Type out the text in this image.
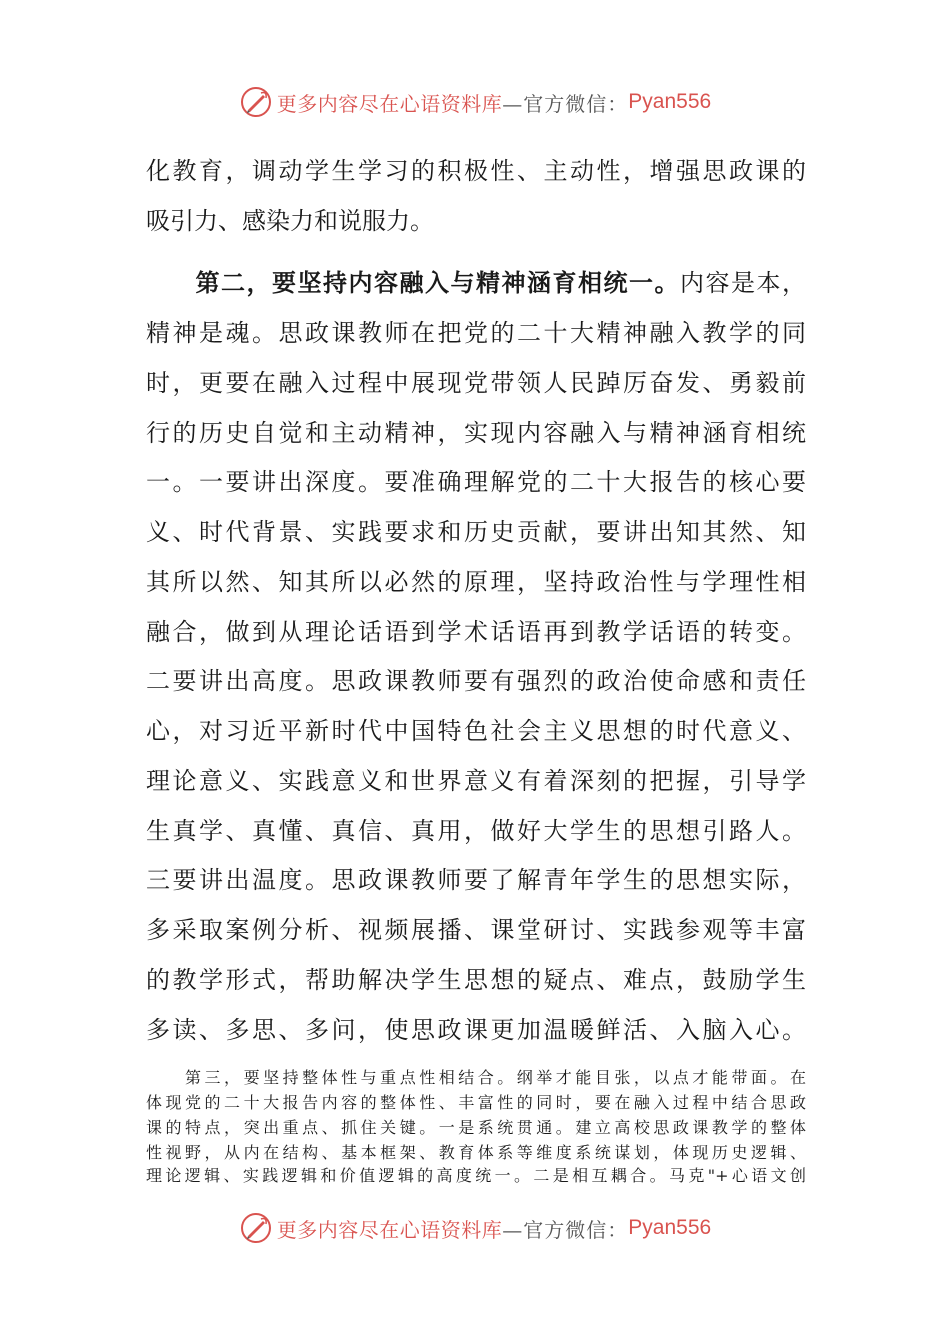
更多内容尽在心语资料库 —官方微信： Pyan556
化教育，调动学生学习的积极性、主动性，增强思政课的
吸引力、感染力和说服力。
第二，要坚持内容融入与精神涵育相统一。内容是本，
精神是魂。思政课教师在把党的二十大精神融入教学的同
时，更要在融入过程中展现党带领人民踔厉奋发、勇毅前
行的历史自觉和主动精神，实现内容融入与精神涵育相统
一。一要讲出深度。要准确理解党的二十大报告的核心要
义、时代背景、实践要求和历史贡献，要讲出知其然、知
其所以然、知其所以必然的原理，坚持政治性与学理性相
融合，做到从理论话语到学术话语再到教学话语的转变。
二要讲出高度。思政课教师要有强烈的政治使命感和责任
心，对习近平新时代中国特色社会主义思想的时代意义、
理论意义、实践意义和世界意义有着深刻的把握，引导学
生真学、真懂、真信、真用，做好大学生的思想引路人。
三要讲出温度。思政课教师要了解青年学生的思想实际，
多采取案例分析、视频展播、课堂研讨、实践参观等丰富
的教学形式，帮助解决学生思想的疑点、难点，鼓励学生
多读、多思、多问，使思政课更加温暖鲜活、入脑入心。
　　第三，要坚持整体性与重点性相结合。纲举才能目张，以点才能带面。在
体现党的二十大报告内容的整体性、丰富性的同时，要在融入过程中结合思政
课的特点，突出重点、抓住关键。一是系统贯通。建立高校思政课教学的整体
性视野，从内在结构、基本框架、教育体系等维度系统谋划，体现历史逻辑、
理论逻辑、实践逻辑和价值逻辑的高度统一。二是相互耦合。马克"+心语文创
更多内容尽在心语资料库 —官方微信： Pyan556
